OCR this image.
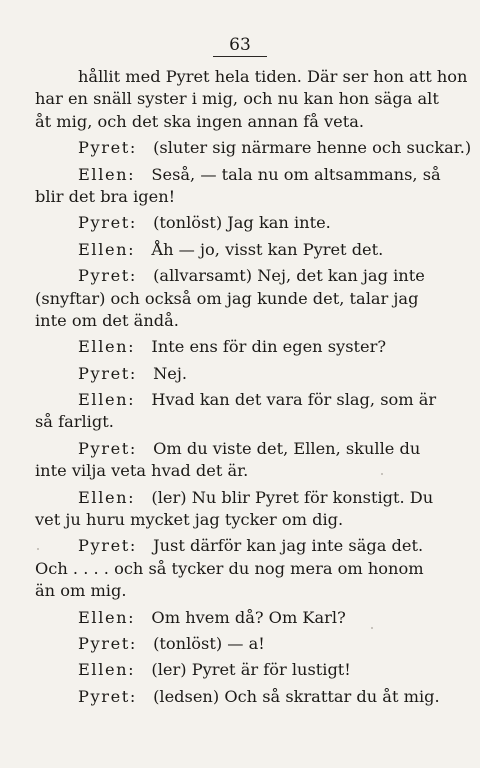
63
hållit med Pyret hela tiden. Där ser hon att hon
har en snäll syster i mig, och nu kan hon säga alt
åt mig, och det ska ingen annan få veta.
Pyret:  (sluter sig närmare henne och suckar.)
Ellen:  Seså, — tala nu om altsammans, så
blir det bra igen!
Pyret:  (tonlöst) Jag kan inte.
Ellen:  Åh — jo, visst kan Pyret det.
Pyret:  (allvarsamt) Nej, det kan jag inte
(snyftar) och också om jag kunde det, talar jag
inte om det ändå.
Ellen:  Inte ens för din egen syster?
Pyret:  Nej.
Ellen:  Hvad kan det vara för slag, som är
så farligt.
Pyret:  Om du viste det, Ellen, skulle du
inte vilja veta hvad det är.
Ellen:  (ler) Nu blir Pyret för konstigt. Du
vet ju huru mycket jag tycker om dig.
Pyret:  Just därför kan jag inte säga det.
Och . . . . och så tycker du nog mera om honom
än om mig.
Ellen:  Om hvem då? Om Karl?
Pyret:  (tonlöst) — a!
Ellen:  (ler) Pyret är för lustigt!
Pyret:  (ledsen) Och så skrattar du åt mig.
